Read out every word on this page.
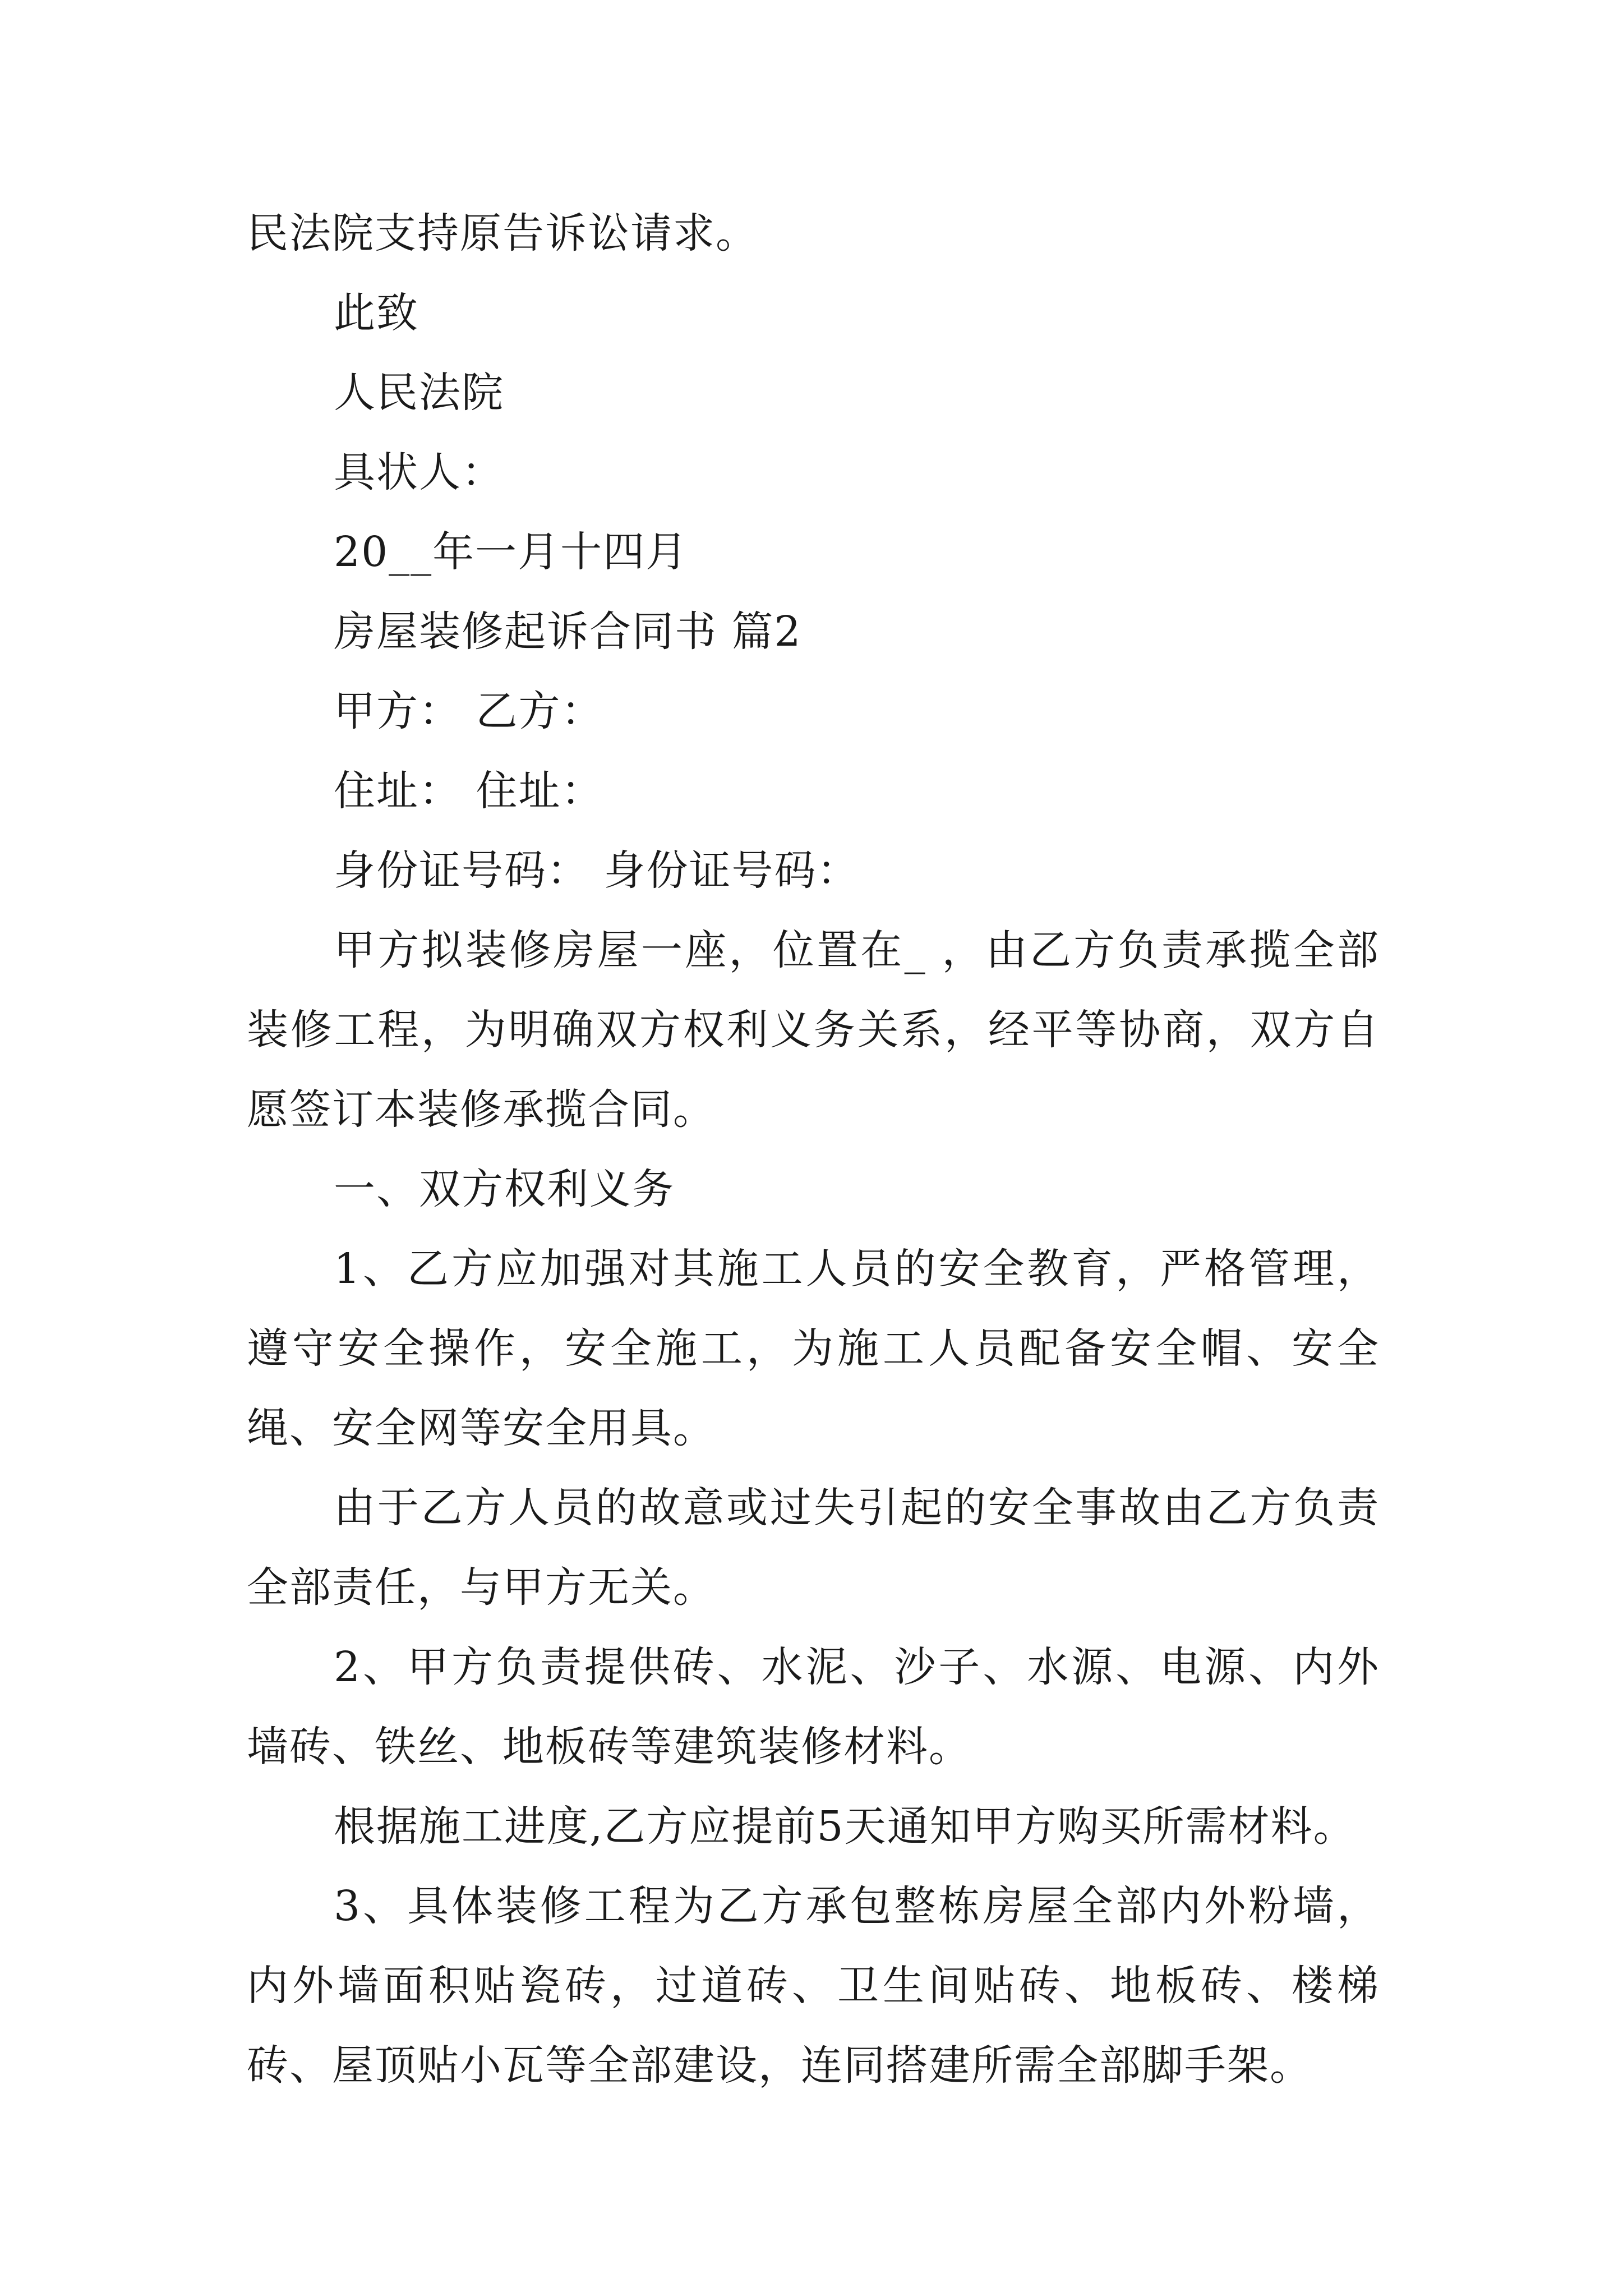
民法院支持原告诉讼请求。

此致

人民法院

具状人：

20__年一月十四月

房屋装修起诉合同书 篇2

甲方： 乙方：

住址： 住址：

身份证号码： 身份证号码：

甲方拟装修房屋一座，位置在_ ，由乙方负责承揽全部装修工程，为明确双方权利义务关系，经平等协商，双方自愿签订本装修承揽合同。

一、双方权利义务

1、乙方应加强对其施工人员的安全教育，严格管理，遵守安全操作，安全施工，为施工人员配备安全帽、安全绳、安全网等安全用具。

由于乙方人员的故意或过失引起的安全事故由乙方负责全部责任，与甲方无关。

2、甲方负责提供砖、水泥、沙子、水源、电源、内外墙砖、铁丝、地板砖等建筑装修材料。

根据施工进度,乙方应提前5天通知甲方购买所需材料。

3、具体装修工程为乙方承包整栋房屋全部内外粉墙，内外墙面积贴瓷砖，过道砖、卫生间贴砖、地板砖、楼梯砖、屋顶贴小瓦等全部建设，连同搭建所需全部脚手架。
